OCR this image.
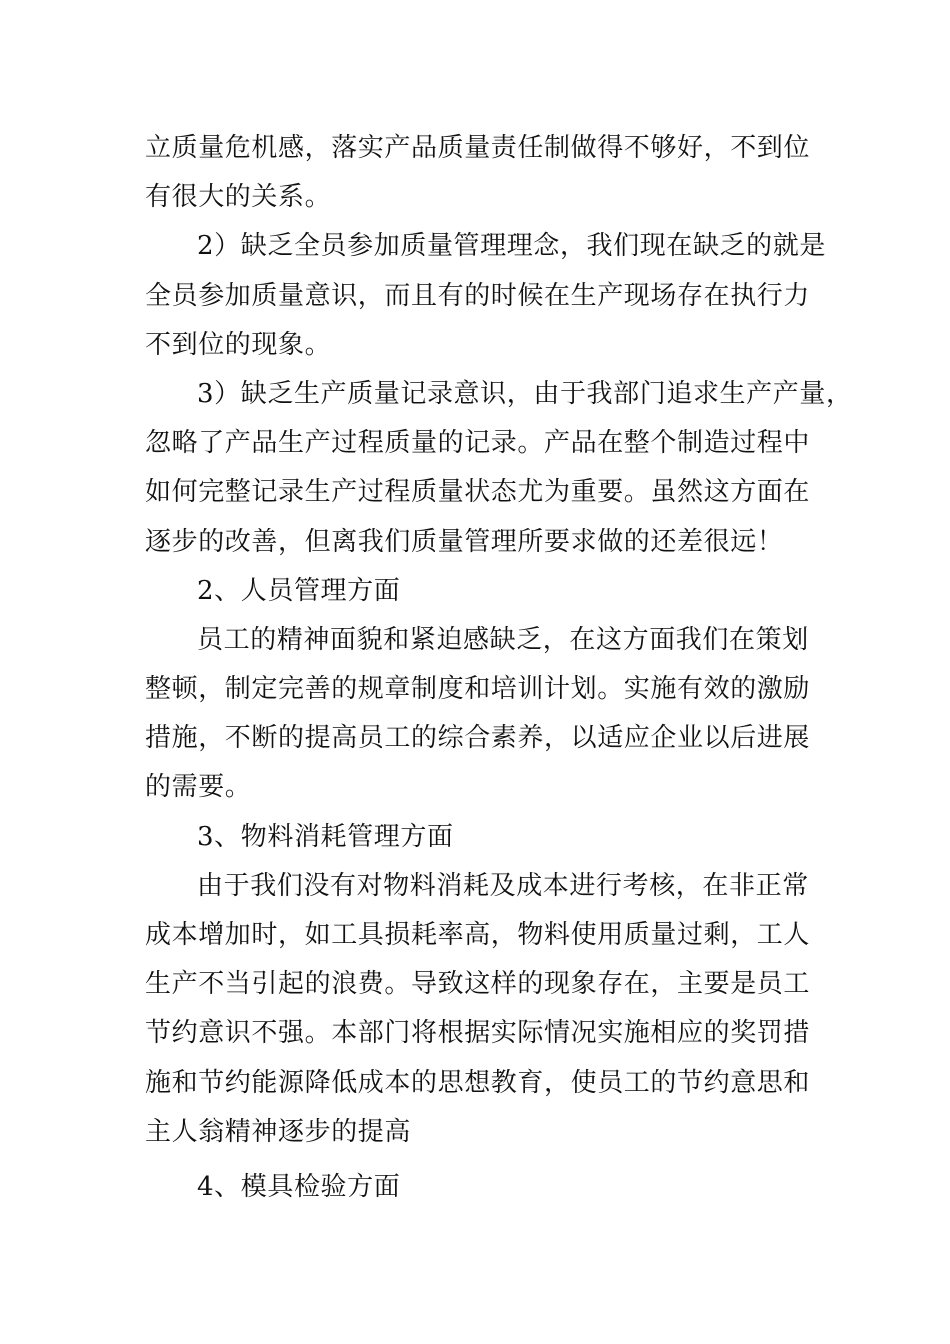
立质量危机感，落实产品质量责任制做得不够好，不到位
有很大的关系。
2）缺乏全员参加质量管理理念，我们现在缺乏的就是
全员参加质量意识，而且有的时候在生产现场存在执行力
不到位的现象。
3）缺乏生产质量记录意识，由于我部门追求生产产量，
忽略了产品生产过程质量的记录。产品在整个制造过程中
如何完整记录生产过程质量状态尤为重要。虽然这方面在
逐步的改善，但离我们质量管理所要求做的还差很远！
2、人员管理方面
员工的精神面貌和紧迫感缺乏，在这方面我们在策划
整顿，制定完善的规章制度和培训计划。实施有效的激励
措施，不断的提高员工的综合素养，以适应企业以后进展
的需要。
3、物料消耗管理方面
由于我们没有对物料消耗及成本进行考核，在非正常
成本增加时，如工具损耗率高，物料使用质量过剩，工人
生产不当引起的浪费。导致这样的现象存在，主要是员工
节约意识不强。本部门将根据实际情况实施相应的奖罚措
施和节约能源降低成本的思想教育，使员工的节约意思和
主人翁精神逐步的提高
4、模具检验方面
